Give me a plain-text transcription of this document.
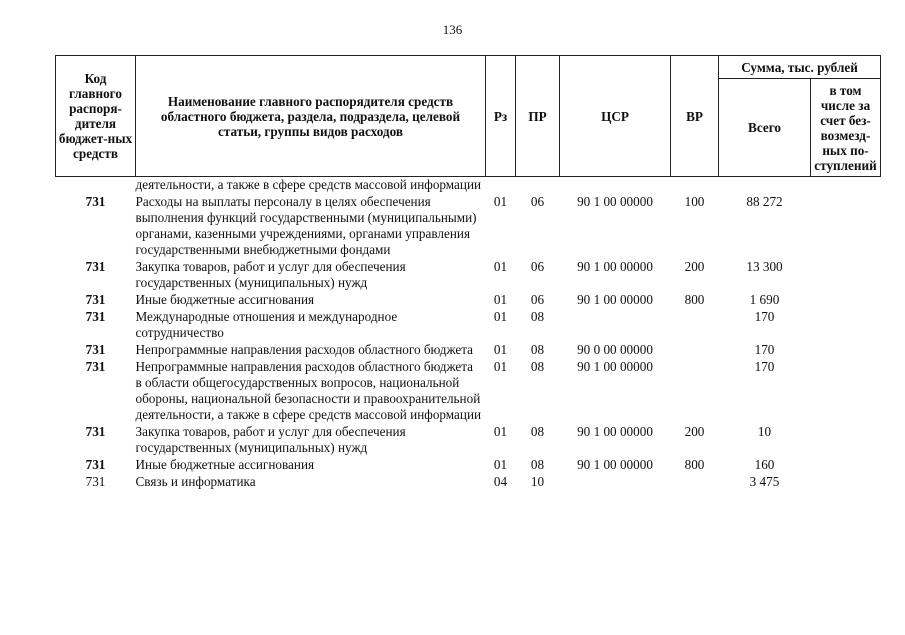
136
Код главного распоря-дителя бюджет-ных средств	Наименование главного распорядителя средств областного бюджета, раздела, подраздела, целевой статьи, группы видов расходов	Рз	ПР	ЦСР	ВР	Сумма, тыс. рублей	
						Всего	в том числе за счет без-возмезд-ных по-ступлений
	деятельности, а также в сфере средств массовой информации						
731	Расходы на выплаты персоналу в целях обеспечения выполнения функций государственными (муниципальными) органами, казенными учреждениями, органами управления государственными внебюджетными фондами	01	06	90 1 00 00000	100	88 272	
731	Закупка товаров, работ и услуг для обеспечения государственных (муниципальных) нужд	01	06	90 1 00 00000	200	13 300	
731	Иные бюджетные ассигнования	01	06	90 1 00 00000	800	1 690	
731	Международные отношения и международное сотрудничество	01	08			170	
731	Непрограммные направления расходов областного бюджета	01	08	90 0 00 00000		170	
731	Непрограммные направления расходов областного бюджета в области общегосударственных вопросов, национальной обороны, национальной безопасности и правоохранительной деятельности, а также в сфере средств массовой информации	01	08	90 1 00 00000		170	
731	Закупка товаров, работ и услуг для обеспечения государственных (муниципальных) нужд	01	08	90 1 00 00000	200	10	
731	Иные бюджетные ассигнования	01	08	90 1 00 00000	800	160	
731	Связь и информатика	04	10			3 475	
